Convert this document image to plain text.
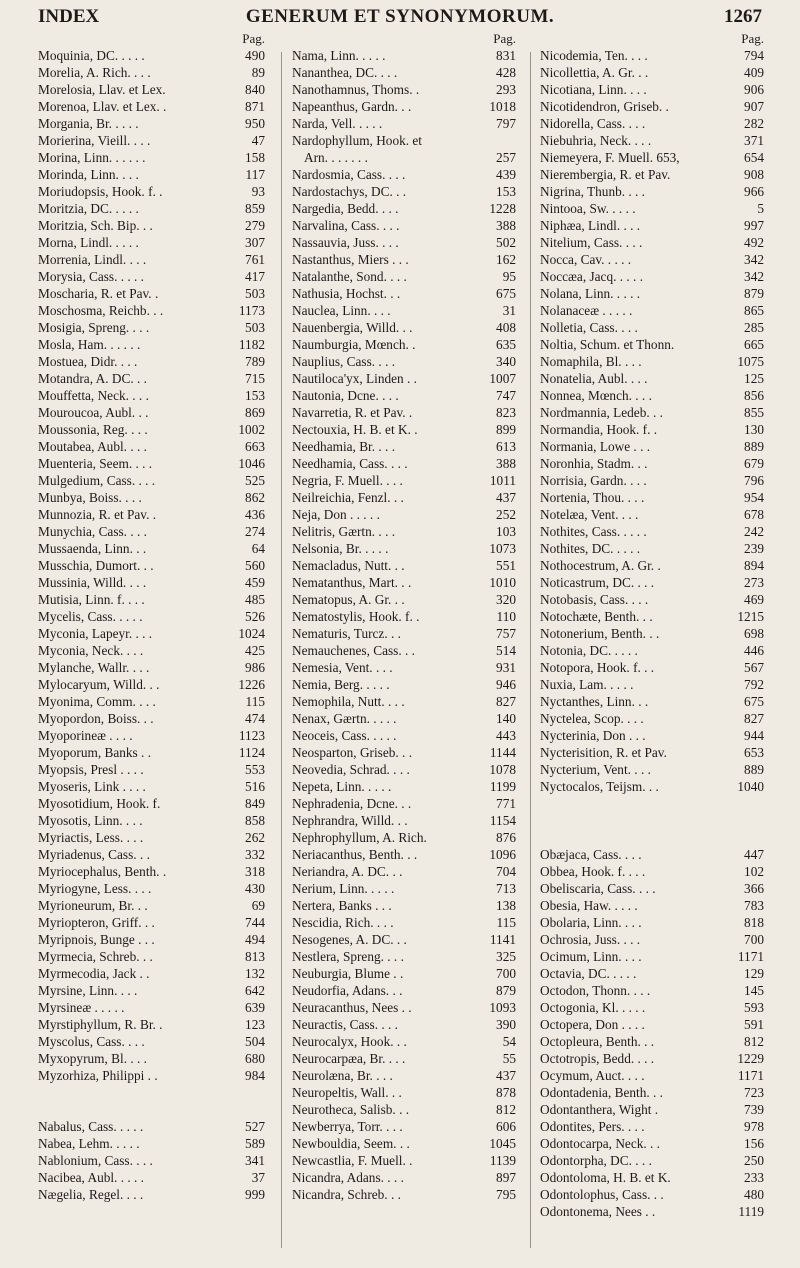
INDEX	GENERUM ET SYNONYMORUM.	1267
Pag.
Moquinia, DC. . . . .	490
Morelia, A. Rich. . . .	89
Morelosia, Llav. et Lex.	840
Morenoa, Llav. et Lex. .	871
Morgania, Br. . . . .	950
Morierina, Vieill. . . .	47
Morina, Linn. . . . . .	158
Morinda, Linn. . . .	117
Moriudopsis, Hook. f. .	93
Moritzia, DC. . . . .	859
Moritzia, Sch. Bip. . .	279
Morna, Lindl. . . . .	307
Morrenia, Lindl. . . .	761
Morysia, Cass. . . . .	417
Moscharia, R. et Pav. .	503
Moschosma, Reichb. . .	1173
Mosigia, Spreng. . . .	503
Mosla, Ham. . . . . .	1182
Mostuea, Didr. . . .	789
Motandra, A. DC. . .	715
Mouffetta, Neck. . . .	153
Mouroucoa, Aubl. . .	869
Moussonia, Reg. . . .	1002
Moutabea, Aubl. . . .	663
Muenteria, Seem. . . .	1046
Mulgedium, Cass. . . .	525
Munbya, Boiss. . . .	862
Munnozia, R. et Pav. .	436
Munychia, Cass. . . .	274
Mussaenda, Linn. . .	64
Musschia, Dumort. . .	560
Mussinia, Willd. . . .	459
Mutisia, Linn. f. . . .	485
Mycelis, Cass. . . . .	526
Myconia, Lapeyr. . . .	1024
Myconia, Neck. . . .	425
Mylanche, Wallr. . . .	986
Mylocaryum, Willd. . .	1226
Myonima, Comm. . . .	115
Myopordon, Boiss. . .	474
Myoporineæ . . . .	1123
Myoporum, Banks . .	1124
Myopsis, Presl . . . .	553
Myoseris, Link . . . .	516
Myosotidium, Hook. f.	849
Myosotis, Linn. . . .	858
Myriactis, Less. . . .	262
Myriadenus, Cass. . .	332
Myriocephalus, Benth. .	318
Myriogyne, Less. . . .	430
Myrioneurum, Br. . .	69
Myriopteron, Griff. . .	744
Myripnois, Bunge . . .	494
Myrmecia, Schreb. . .	813
Myrmecodia, Jack . .	132
Myrsine, Linn. . . .	642
Myrsineæ . . . . .	639
Myrstiphyllum, R. Br. .	123
Myscolus, Cass. . . .	504
Myxopyrum, Bl. . . .	680
Myzorhiza, Philippi . .	984
Nabalus, Cass. . . . .	527
Nabea, Lehm. . . . .	589
Nablonium, Cass. . . .	341
Nacibea, Aubl. . . . .	37
Nægelia, Regel. . . .	999
Pag.
Nama, Linn. . . . .	831
Nananthea, DC. . . .	428
Nanothamnus, Thoms. .	293
Napeanthus, Gardn. . .	1018
Narda, Vell. . . . .	797
Nardophyllum, Hook. et
Arn. . . . . . .	257
Nardosmia, Cass. . . .	439
Nardostachys, DC. . .	153
Nargedia, Bedd. . . .	1228
Narvalina, Cass. . . .	388
Nassauvia, Juss. . . .	502
Nastanthus, Miers . . .	162
Natalanthe, Sond. . . .	95
Nathusia, Hochst. . .	675
Nauclea, Linn. . . .	31
Nauenbergia, Willd. . .	408
Naumburgia, Mœnch. .	635
Nauplius, Cass. . . .	340
Nautiloca'yx, Linden . .	1007
Nautonia, Dcne. . . .	747
Navarretia, R. et Pav. .	823
Nectouxia, H. B. et K. .	899
Needhamia, Br. . . .	613
Needhamia, Cass. . . .	388
Negria, F. Muell. . . .	1011
Neilreichia, Fenzl. . .	437
Neja, Don . . . . .	252
Nelitris, Gærtn. . . .	103
Nelsonia, Br. . . . .	1073
Nemacladus, Nutt. . .	551
Nematanthus, Mart. . .	1010
Nematopus, A. Gr. . .	320
Nematostylis, Hook. f. .	110
Nematuris, Turcz. . .	757
Nemauchenes, Cass. . .	514
Nemesia, Vent. . . .	931
Nemia, Berg. . . . .	946
Nemophila, Nutt. . . .	827
Nenax, Gærtn. . . . .	140
Neoceis, Cass. . . . .	443
Neosparton, Griseb. . .	1144
Neovedia, Schrad. . . .	1078
Nepeta, Linn. . . . .	1199
Nephradenia, Dcne. . .	771
Nephrandra, Willd. . .	1154
Nephrophyllum, A. Rich.	876
Neriacanthus, Benth. . .	1096
Neriandra, A. DC. . .	704
Nerium, Linn. . . . .	713
Nertera, Banks . . .	138
Nescidia, Rich. . . .	115
Nesogenes, A. DC. . .	1141
Nestlera, Spreng. . . .	325
Neuburgia, Blume . .	700
Neudorfia, Adans. . .	879
Neuracanthus, Nees . .	1093
Neuractis, Cass. . . .	390
Neurocalyx, Hook. . .	54
Neurocarpæa, Br. . . .	55
Neurolæna, Br. . . .	437
Neuropeltis, Wall. . .	878
Neurotheca, Salisb. . .	812
Newberrya, Torr. . . .	606
Newbouldia, Seem. . .	1045
Newcastlia, F. Muell. .	1139
Nicandra, Adans. . . .	897
Nicandra, Schreb. . .	795
Pag.
Nicodemia, Ten. . . .	794
Nicollettia, A. Gr. . .	409
Nicotiana, Linn. . . .	906
Nicotidendron, Griseb. .	907
Nidorella, Cass. . . .	282
Niebuhria, Neck. . . .	371
Niemeyera, F. Muell. 653,	654
Nierembergia, R. et Pav.	908
Nigrina, Thunb. . . .	966
Nintooa, Sw. . . . .	5
Niphæa, Lindl. . . .	997
Nitelium, Cass. . . .	492
Nocca, Cav. . . . .	342
Noccæa, Jacq. . . . .	342
Nolana, Linn. . . . .	879
Nolanaceæ . . . . .	865
Nolletia, Cass. . . .	285
Noltia, Schum. et Thonn.	665
Nomaphila, Bl. . . .	1075
Nonatelia, Aubl. . . .	125
Nonnea, Mœnch. . . .	856
Nordmannia, Ledeb. . .	855
Normandia, Hook. f. .	130
Normania, Lowe . . .	889
Noronhia, Stadm. . .	679
Norrisia, Gardn. . . .	796
Nortenia, Thou. . . .	954
Notelæa, Vent. . . .	678
Nothites, Cass. . . . .	242
Nothites, DC. . . . .	239
Nothocestrum, A. Gr. .	894
Noticastrum, DC. . . .	273
Notobasis, Cass. . . .	469
Notochæte, Benth. . .	1215
Notonerium, Benth. . .	698
Notonia, DC. . . . .	446
Notopora, Hook. f. . .	567
Nuxia, Lam. . . . .	792
Nyctanthes, Linn. . .	675
Nyctelea, Scop. . . .	827
Nycterinia, Don . . .	944
Nycterisition, R. et Pav.	653
Nycterium, Vent. . . .	889
Nyctocalos, Teijsm. . .	1040
Obæjaca, Cass. . . .	447
Obbea, Hook. f. . . .	102
Obeliscaria, Cass. . . .	366
Obesia, Haw. . . . .	783
Obolaria, Linn. . . .	818
Ochrosia, Juss. . . .	700
Ocimum, Linn. . . .	1171
Octavia, DC. . . . .	129
Octodon, Thonn. . . .	145
Octogonia, Kl. . . . .	593
Octopera, Don . . . .	591
Octopleura, Benth. . .	812
Octotropis, Bedd. . . .	1229
Ocymum, Auct. . . .	1171
Odontadenia, Benth. . .	723
Odontanthera, Wight .	739
Odontites, Pers. . . .	978
Odontocarpa, Neck. . .	156
Odontorpha, DC. . . .	250
Odontoloma, H. B. et K.	233
Odontolophus, Cass. . .	480
Odontonema, Nees . .	1119
